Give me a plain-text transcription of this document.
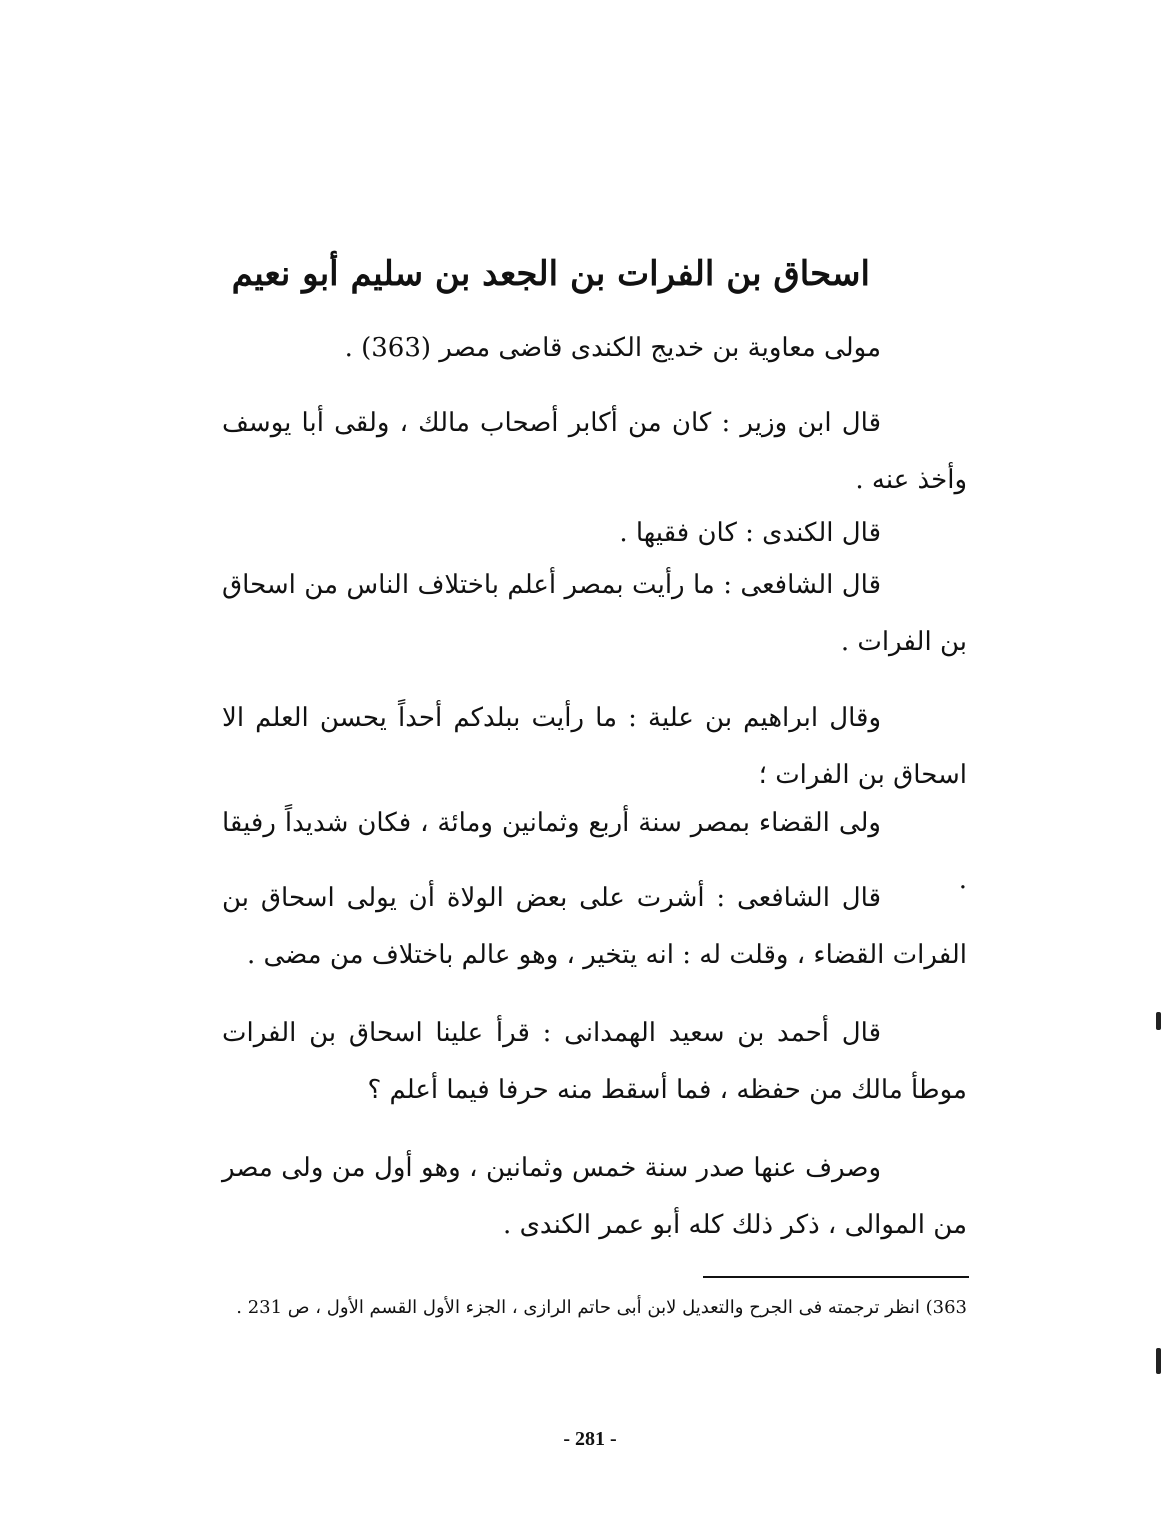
اسحاق بن الفرات بن الجعد بن سليم أبو نعيم

مولى معاوية بن خديج الكندى قاضى مصر (363) .

قال ابن وزير : كان من أكابر أصحاب مالك ، ولقى أبا يوسف وأخذ عنه .

قال الكندى : كان فقيها .

قال الشافعى : ما رأيت بمصر أعلم باختلاف الناس من اسحاق بن الفرات .

وقال ابراهيم بن علية : ما رأيت ببلدكم أحداً يحسن العلم الا اسحاق بن الفرات ؛

ولى القضاء بمصر سنة أربع وثمانين ومائة ، فكان شديداً رفيقا .

قال الشافعى : أشرت على بعض الولاة أن يولى اسحاق بن الفرات القضاء ، وقلت له : انه يتخير ، وهو عالم باختلاف من مضى .

قال أحمد بن سعيد الهمدانى : قرأ علينا اسحاق بن الفرات موطأ مالك من حفظه ، فما أسقط منه حرفا فيما أعلم ؟

وصرف عنها صدر سنة خمس وثمانين ، وهو أول من ولى مصر من الموالى ، ذكر ذلك كله أبو عمر الكندى .

363) انظر ترجمته فى الجرح والتعديل لابن أبى حاتم الرازى ، الجزء الأول القسم الأول ، ص 231 .

- 281 -
